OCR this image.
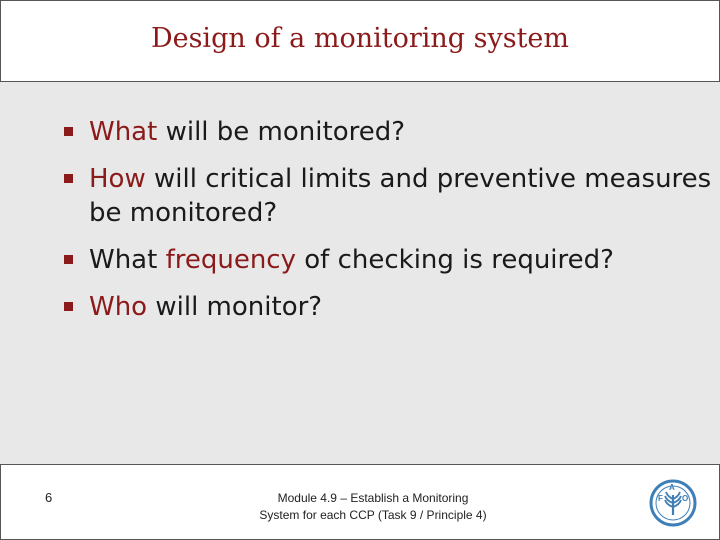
Design of a monitoring system
What will be monitored?
How will critical limits and preventive measures be monitored?
What frequency of checking is required?
Who will monitor?
6	Module 4.9 – Establish a Monitoring
System for each CCP (Task 9 / Principle 4)
F
A
O
